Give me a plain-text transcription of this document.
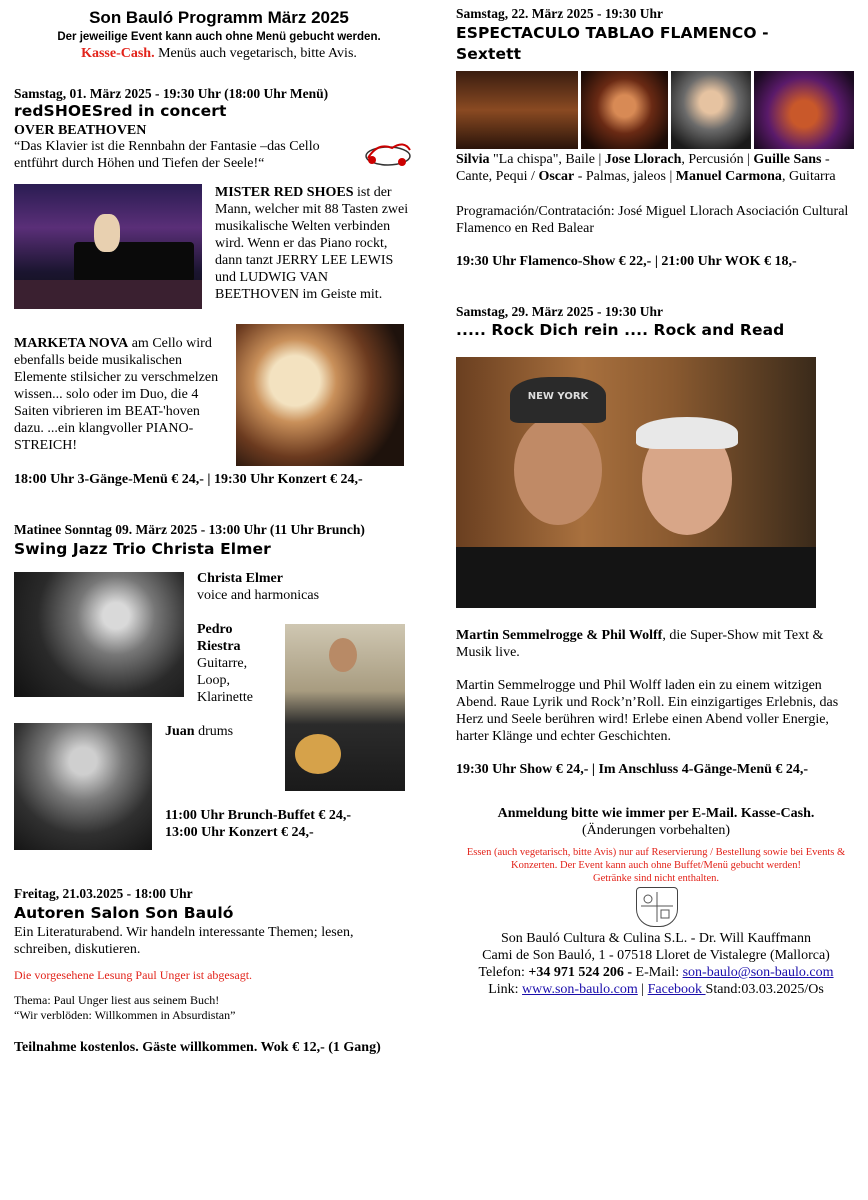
Son Bauló Programm März 2025
Der jeweilige Event kann auch ohne Menü gebucht werden.
Kasse-Cash. Menüs auch vegetarisch, bitte Avis.
Samstag, 01. März 2025 - 19:30 Uhr (18:00 Uhr Menü)
redSHOESred in concert
OVER BEATHOVEN
“Das Klavier ist die Rennbahn der Fantasie –das Cello entführt durch Höhen und Tiefen der Seele!“
MISTER RED SHOES ist der Mann, welcher mit 88 Tasten zwei musikalische Welten verbinden wird. Wenn er das Piano rockt, dann tanzt JERRY LEE LEWIS und LUDWIG VAN BEETHOVEN im Geiste mit.
MARKETA NOVA am Cello wird ebenfalls beide musikalischen Elemente stilsicher zu verschmelzen wissen... solo oder im Duo, die 4 Saiten vibrieren im BEAT-'hoven dazu. ...ein klangvoller PIANO-STREICH!
18:00 Uhr 3-Gänge-Menü € 24,- | 19:30 Uhr Konzert € 24,-
Matinee Sonntag 09. März 2025 - 13:00 Uhr (11 Uhr Brunch)
Swing Jazz Trio Christa Elmer
Christa Elmer
voice and harmonicas
Pedro Riestra
Guitarre, Loop, Klarinette
Juan drums
11:00 Uhr Brunch-Buffet € 24,-
13:00 Uhr Konzert € 24,-
Freitag, 21.03.2025 - 18:00 Uhr
Autoren Salon Son Bauló
Ein Literaturabend. Wir handeln interessante Themen; lesen, schreiben, diskutieren.
Die vorgesehene Lesung Paul Unger ist abgesagt.
Thema: Paul Unger liest aus seinem Buch!
“Wir verblöden: Willkommen in Absurdistan”
Teilnahme kostenlos. Gäste willkommen. Wok € 12,- (1 Gang)
Samstag, 22. März 2025 - 19:30 Uhr
ESPECTACULO TABLAO FLAMENCO - Sextett
Silvia "La chispa", Baile | Jose Llorach, Percusión | Guille Sans - Cante, Pequi / Oscar - Palmas, jaleos | Manuel Carmona, Guitarra
Programación/Contratación: José Miguel Llorach Asociación Cultural Flamenco en Red Balear
19:30 Uhr Flamenco-Show € 22,- | 21:00 Uhr WOK € 18,-
Samstag, 29. März 2025 - 19:30 Uhr
..... Rock Dich rein .... Rock and Read
NEW YORK
Martin Semmelrogge & Phil Wolff, die Super-Show mit Text & Musik live.
Martin Semmelrogge und Phil Wolff laden ein zu einem witzigen Abend. Raue Lyrik und Rock’n’Roll. Ein einzigartiges Erlebnis, das Herz und Seele berühren wird! Erlebe einen Abend voller Energie, harter Klänge und echter Geschichten.
19:30 Uhr Show € 24,- | Im Anschluss 4-Gänge-Menü € 24,-
Anmeldung bitte wie immer per E-Mail. Kasse-Cash.
(Änderungen vorbehalten)
Essen (auch vegetarisch, bitte Avis) nur auf Reservierung / Bestellung sowie bei Events & Konzerten. Der Event kann auch ohne Buffet/Menü gebucht werden!
Getränke sind nicht enthalten.
Son Bauló Cultura & Culina S.L. - Dr. Will Kauffmann
Cami de Son Bauló, 1 - 07518 Lloret de Vistalegre (Mallorca)
Telefon: +34 971 524 206 - E-Mail: son-baulo@son-baulo.com
Link: www.son-baulo.com | Facebook Stand:03.03.2025/Os
